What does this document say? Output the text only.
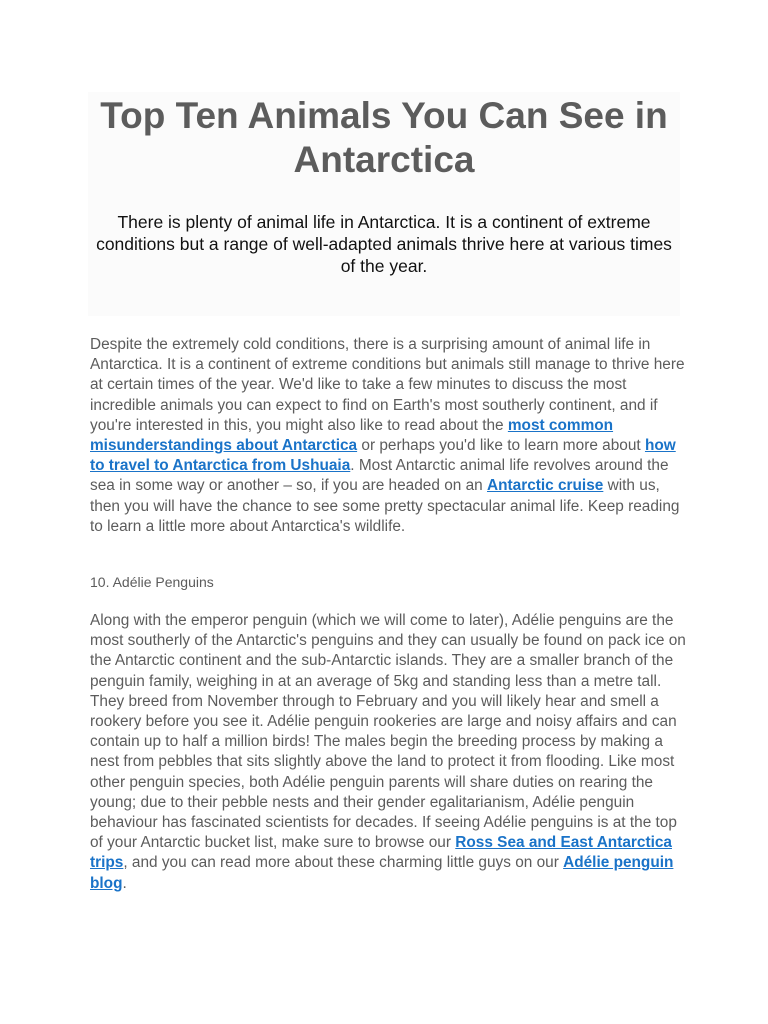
Top Ten Animals You Can See in Antarctica

There is plenty of animal life in Antarctica. It is a continent of extreme conditions but a range of well-adapted animals thrive here at various times of the year.

Despite the extremely cold conditions, there is a surprising amount of animal life in Antarctica. It is a continent of extreme conditions but animals still manage to thrive here at certain times of the year. We'd like to take a few minutes to discuss the most incredible animals you can expect to find on Earth's most southerly continent, and if you're interested in this, you might also like to read about the most common misunderstandings about Antarctica or perhaps you'd like to learn more about how to travel to Antarctica from Ushuaia. Most Antarctic animal life revolves around the sea in some way or another – so, if you are headed on an Antarctic cruise with us, then you will have the chance to see some pretty spectacular animal life. Keep reading to learn a little more about Antarctica's wildlife.

10. Adélie Penguins

Along with the emperor penguin (which we will come to later), Adélie penguins are the most southerly of the Antarctic's penguins and they can usually be found on pack ice on the Antarctic continent and the sub-Antarctic islands. They are a smaller branch of the penguin family, weighing in at an average of 5kg and standing less than a metre tall. They breed from November through to February and you will likely hear and smell a rookery before you see it. Adélie penguin rookeries are large and noisy affairs and can contain up to half a million birds! The males begin the breeding process by making a nest from pebbles that sits slightly above the land to protect it from flooding. Like most other penguin species, both Adélie penguin parents will share duties on rearing the young; due to their pebble nests and their gender egalitarianism, Adélie penguin behaviour has fascinated scientists for decades. If seeing Adélie penguins is at the top of your Antarctic bucket list, make sure to browse our Ross Sea and East Antarctica trips, and you can read more about these charming little guys on our Adélie penguin blog.
